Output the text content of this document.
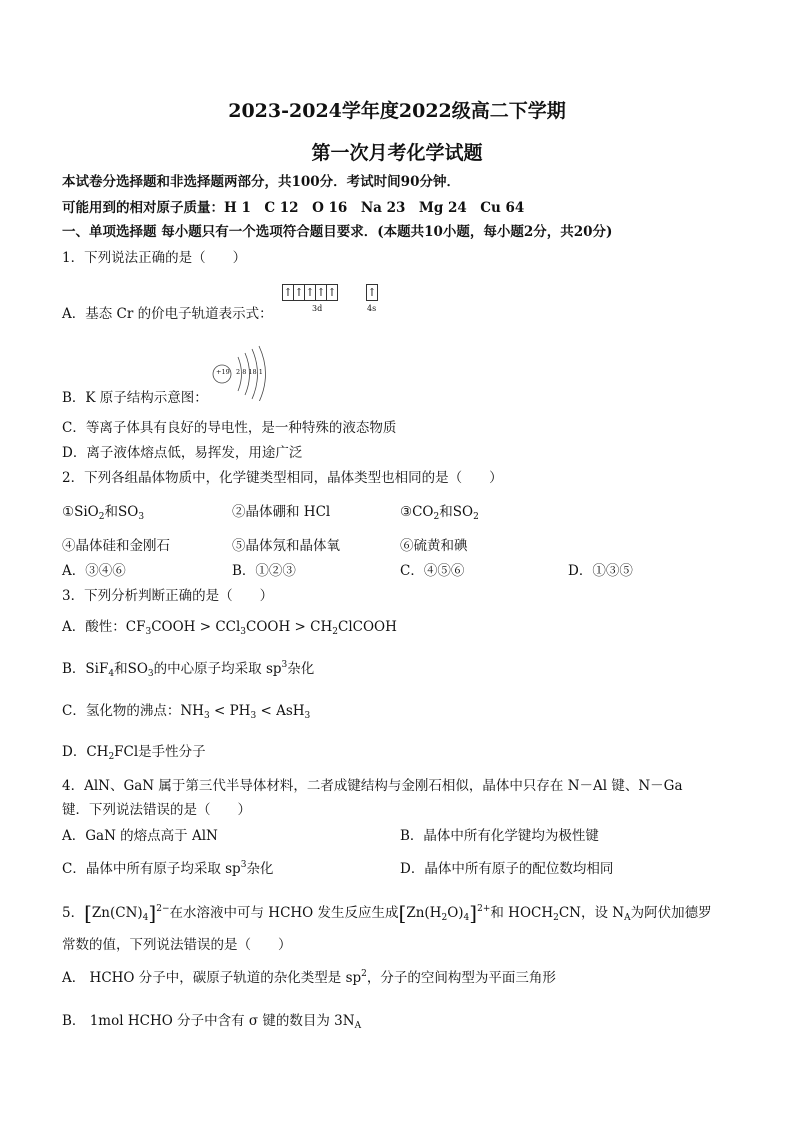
2023-2024学年度2022级高二下学期
第一次月考化学试题
本试卷分选择题和非选择题两部分，共100分．考试时间90分钟．
可能用到的相对原子质量：H 1　C 12　O 16　Na 23　Mg 24　Cu 64
一、单项选择题 每小题只有一个选项符合题目要求．(本题共10小题，每小题2分，共20分)
1．下列说法正确的是（　　）
↑ ↑ ↑ ↑ ↑	↑
3d	4s
A．基态 Cr 的价电子轨道表示式：
+19 2 8 18 1
B．K 原子结构示意图：
C．等离子体具有良好的导电性，是一种特殊的液态物质
D．离子液体熔点低，易挥发，用途广泛
2．下列各组晶体物质中，化学键类型相同，晶体类型也相同的是（　　）
①SiO$_2$和$SO_3$	②晶体硼和 HCl	$③CO_2$和$SO_2$
④晶体硅和金刚石	⑤晶体氖和晶体氧	⑥硫黄和碘
A．③④⑥	B．①②③	C．④⑤⑥	D．①③⑤
3．下列分析判断正确的是（　　）
A．酸性：$CF_3COOH$ > CCl$_3$COOH > $CH_2ClCOOH$
B．SiF$_4$和$SO_3$的中心原子均采取 $sp^3$杂化
C．氢化物的沸点：$NH_3 < PH_3 < AsH_3$
D．$CH_2FCl$是手性分子
4．AlN、GaN 属于第三代半导体材料，二者成键结构与金刚石相似，晶体中只存在 N－Al 键、N－Ga
键．下列说法错误的是（　　）
A．GaN 的熔点高于 AlN	B．晶体中所有化学键均为极性键
C．晶体中所有原子均采取 $sp^3$杂化	D．晶体中所有原子的配位数均相同
5．$[Zn(CN)_4]^{2-}$在水溶液中可与 HCHO 发生反应生成$[Zn(H_2O)_4]^{2+}$和 $HOCH_2CN$，设 $N_A$为阿伏加德罗
常数的值，下列说法错误的是（　　）
A． HCHO 分子中，碳原子轨道的杂化类型是 $sp^2$，分子的空间构型为平面三角形
B． 1mol HCHO 分子中含有 σ 键的数目为 $3N_A$
